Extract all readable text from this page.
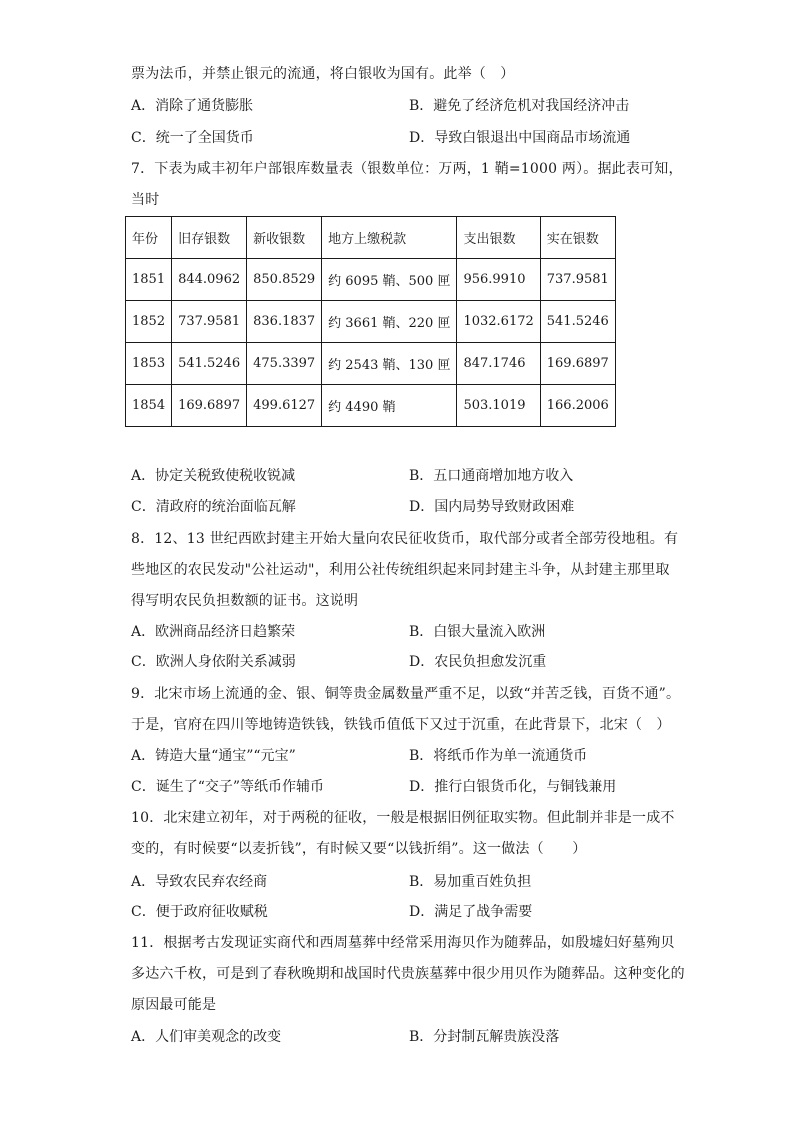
票为法币，并禁止银元的流通，将白银收为国有。此举（　）
A．消除了通货膨胀	B．避免了经济危机对我国经济冲击
C．统一了全国货币	D．导致白银退出中国商品市场流通
7．下表为咸丰初年户部银库数量表（银数单位：万两，1 鞘=1000 两）。据此表可知，
当时
年份	旧存银数	新收银数	地方上缴税款	支出银数	实在银数
1851	844.0962	850.8529	约 6095 鞘、500 匣	956.9910	737.9581
1852	737.9581	836.1837	约 3661 鞘、220 匣	1032.6172	541.5246
1853	541.5246	475.3397	约 2543 鞘、130 匣	847.1746	169.6897
1854	169.6897	499.6127	约 4490 鞘	503.1019	166.2006
A．协定关税致使税收锐减	B．五口通商增加地方收入
C．清政府的统治面临瓦解	D．国内局势导致财政困难
8．12、13 世纪西欧封建主开始大量向农民征收货币，取代部分或者全部劳役地租。有
些地区的农民发动"公社运动"，利用公社传统组织起来同封建主斗争，从封建主那里取
得写明农民负担数额的证书。这说明
A．欧洲商品经济日趋繁荣	B．白银大量流入欧洲
C．欧洲人身依附关系减弱	D．农民负担愈发沉重
9．北宋市场上流通的金、银、铜等贵金属数量严重不足，以致“并苦乏钱，百货不通”。
于是，官府在四川等地铸造铁钱，铁钱币值低下又过于沉重，在此背景下，北宋（　）
A．铸造大量“通宝”“元宝”	B．将纸币作为单一流通货币
C．诞生了“交子”等纸币作辅币	D．推行白银货币化，与铜钱兼用
10．北宋建立初年，对于两税的征收，一般是根据旧例征取实物。但此制并非是一成不
变的，有时候要“以麦折钱”，有时候又要“以钱折绢”。这一做法（　　）
A．导致农民弃农经商	B．易加重百姓负担
C．便于政府征收赋税	D．满足了战争需要
11．根据考古发现证实商代和西周墓葬中经常采用海贝作为随葬品，如殷墟妇好墓殉贝
多达六千枚，可是到了春秋晚期和战国时代贵族墓葬中很少用贝作为随葬品。这种变化的
原因最可能是
A．人们审美观念的改变	B．分封制瓦解贵族没落
